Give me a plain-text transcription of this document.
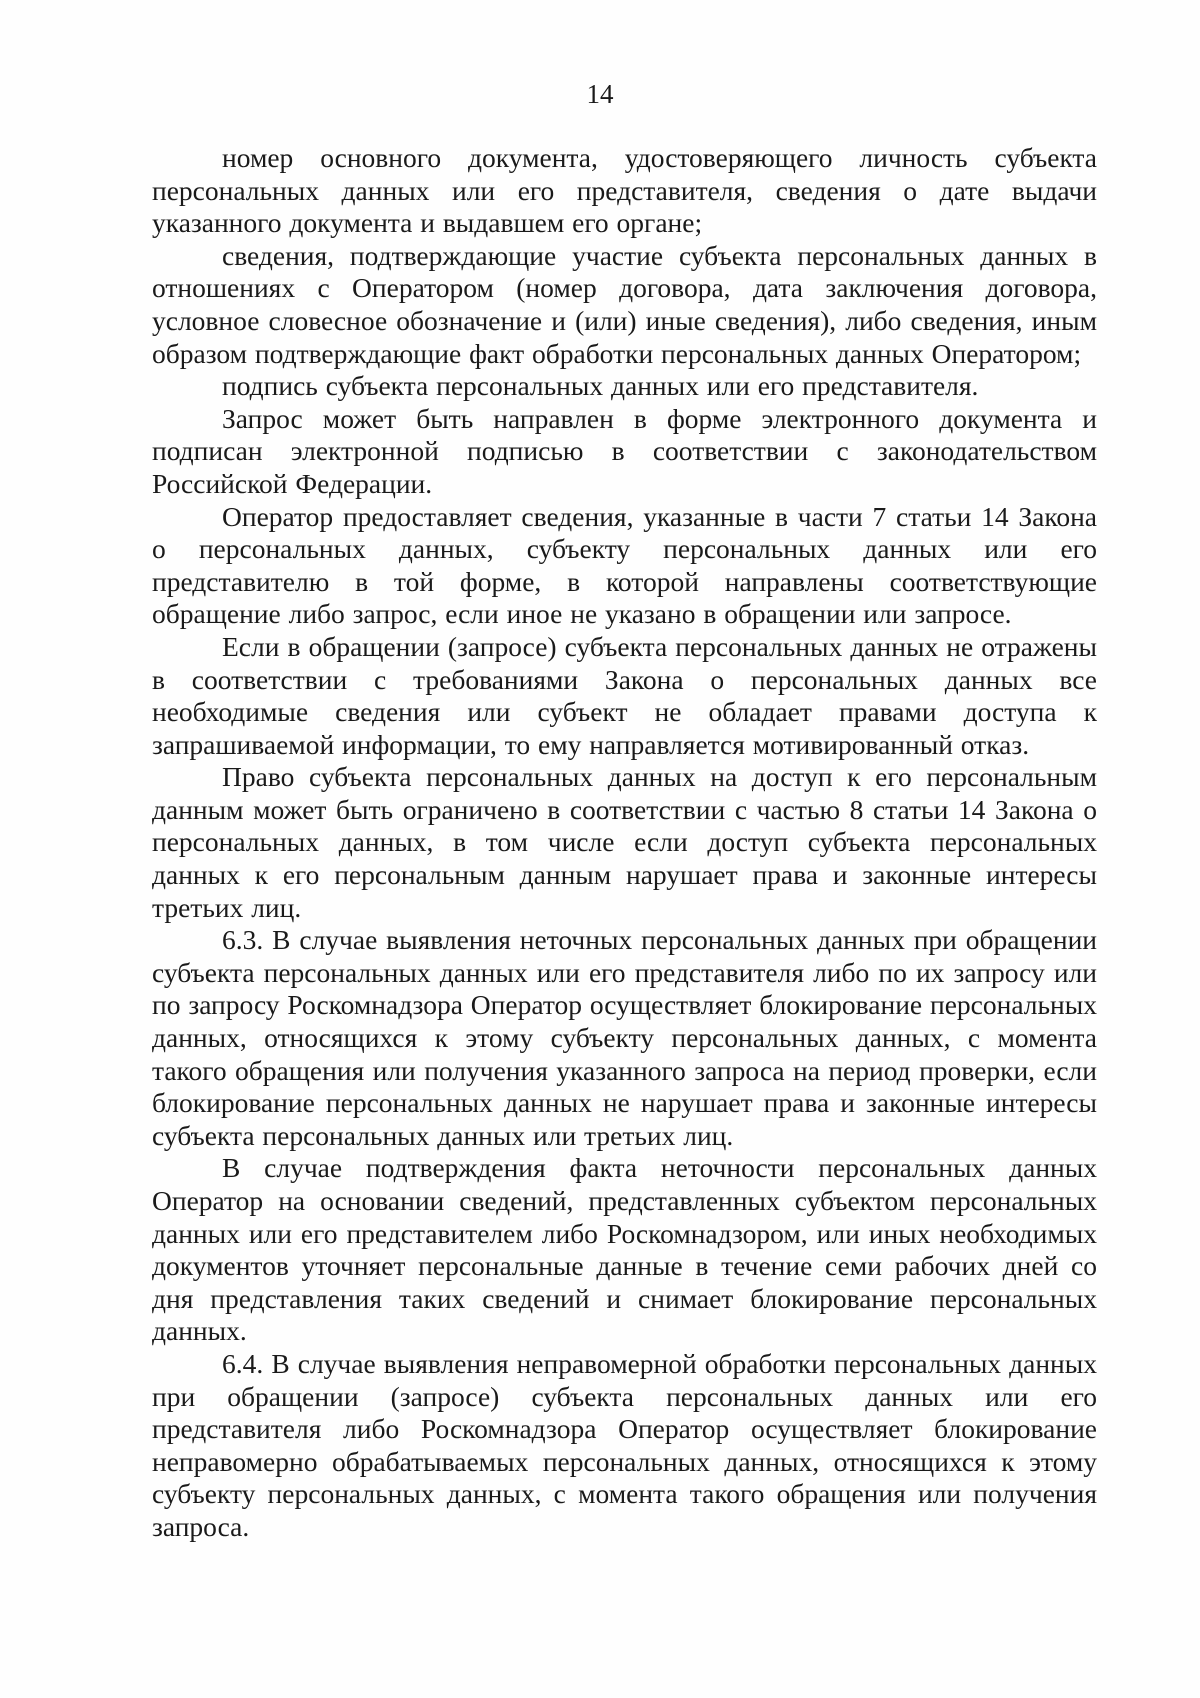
14

номер основного документа, удостоверяющего личность субъекта персональных данных или его представителя, сведения о дате выдачи указанного документа и выдавшем его органе;

сведения, подтверждающие участие субъекта персональных данных в отношениях с Оператором (номер договора, дата заключения договора, условное словесное обозначение и (или) иные сведения), либо сведения, иным образом подтверждающие факт обработки персональных данных Оператором;

подпись субъекта персональных данных или его представителя.

Запрос может быть направлен в форме электронного документа и подписан электронной подписью в соответствии с законодательством Российской Федерации.

Оператор предоставляет сведения, указанные в части 7 статьи 14 Закона о персональных данных, субъекту персональных данных или его представителю в той форме, в которой направлены соответствующие обращение либо запрос, если иное не указано в обращении или запросе.

Если в обращении (запросе) субъекта персональных данных не отражены в соответствии с требованиями Закона о персональных данных все необходимые сведения или субъект не обладает правами доступа к запрашиваемой информации, то ему направляется мотивированный отказ.

Право субъекта персональных данных на доступ к его персональным данным может быть ограничено в соответствии с частью 8 статьи 14 Закона о персональных данных, в том числе если доступ субъекта персональных данных к его персональным данным нарушает права и законные интересы третьих лиц.

6.3. В случае выявления неточных персональных данных при обращении субъекта персональных данных или его представителя либо по их запросу или по запросу Роскомнадзора Оператор осуществляет блокирование персональных данных, относящихся к этому субъекту персональных данных, с момента такого обращения или получения указанного запроса на период проверки, если блокирование персональных данных не нарушает права и законные интересы субъекта персональных данных или третьих лиц.

В случае подтверждения факта неточности персональных данных Оператор на основании сведений, представленных субъектом персональных данных или его представителем либо Роскомнадзором, или иных необходимых документов уточняет персональные данные в течение семи рабочих дней со дня представления таких сведений и снимает блокирование персональных данных.

6.4. В случае выявления неправомерной обработки персональных данных при обращении (запросе) субъекта персональных данных или его представителя либо Роскомнадзора Оператор осуществляет блокирование неправомерно обрабатываемых персональных данных, относящихся к этому субъекту персональных данных, с момента такого обращения или получения запроса.
